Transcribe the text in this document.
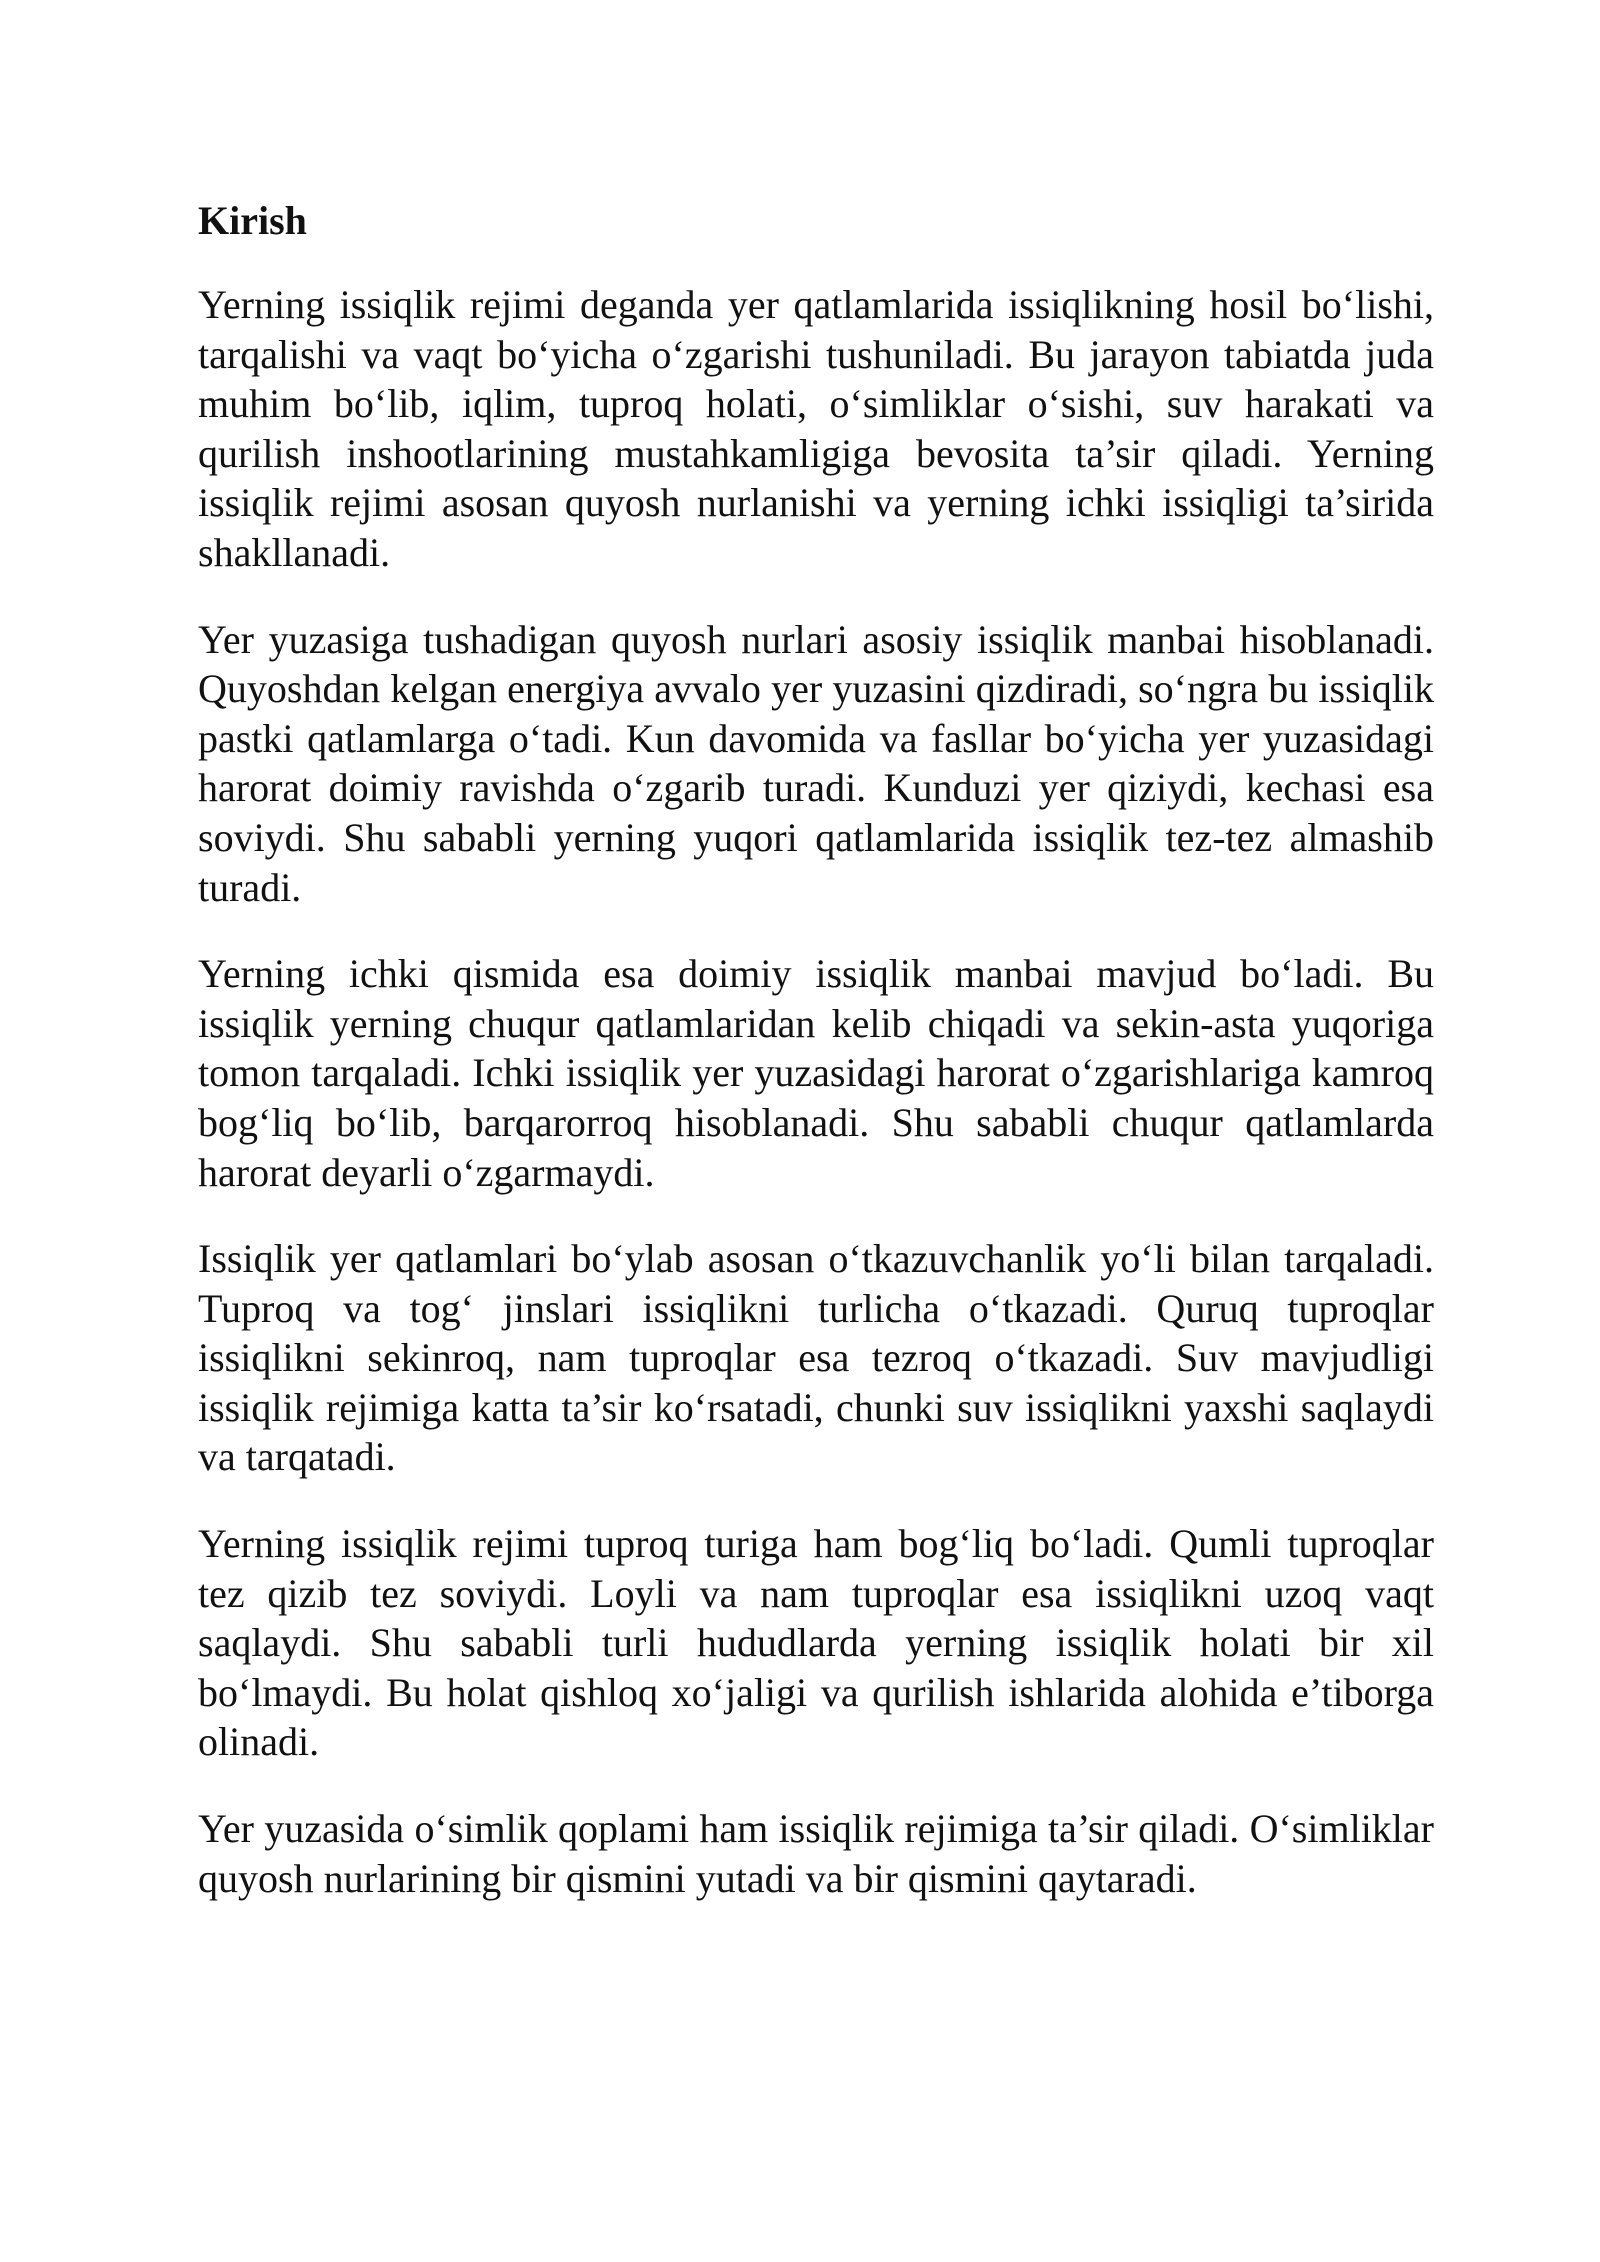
Kirish

Yerning issiqlik rejimi deganda yer qatlamlarida issiqlikning hosil bo‘lishi, tarqalishi va vaqt bo‘yicha o‘zgarishi tushuniladi. Bu jarayon tabiatda juda muhim bo‘lib, iqlim, tuproq holati, o‘simliklar o‘sishi, suv harakati va qurilish inshootlarining mustahkamligiga bevosita ta’sir qiladi. Yerning issiqlik rejimi asosan quyosh nurlanishi va yerning ichki issiqligi ta’sirida shakllanadi.

Yer yuzasiga tushadigan quyosh nurlari asosiy issiqlik manbai hisoblanadi. Quyoshdan kelgan energiya avvalo yer yuzasini qizdiradi, so‘ngra bu issiqlik pastki qatlamlarga o‘tadi. Kun davomida va fasllar bo‘yicha yer yuzasidagi harorat doimiy ravishda o‘zgarib turadi. Kunduzi yer qiziydi, kechasi esa soviydi. Shu sababli yerning yuqori qatlamlarida issiqlik tez-tez almashib turadi.

Yerning ichki qismida esa doimiy issiqlik manbai mavjud bo‘ladi. Bu issiqlik yerning chuqur qatlamlaridan kelib chiqadi va sekin-asta yuqoriga tomon tarqaladi. Ichki issiqlik yer yuzasidagi harorat o‘zgarishlariga kamroq bog‘liq bo‘lib, barqarorroq hisoblanadi. Shu sababli chuqur qatlamlarda harorat deyarli o‘zgarmaydi.

Issiqlik yer qatlamlari bo‘ylab asosan o‘tkazuvchanlik yo‘li bilan tarqaladi. Tuproq va tog‘ jinslari issiqlikni turlicha o‘tkazadi. Quruq tuproqlar issiqlikni sekinroq, nam tuproqlar esa tezroq o‘tkazadi. Suv mavjudligi issiqlik rejimiga katta ta’sir ko‘rsatadi, chunki suv issiqlikni yaxshi saqlaydi va tarqatadi.

Yerning issiqlik rejimi tuproq turiga ham bog‘liq bo‘ladi. Qumli tuproqlar tez qizib tez soviydi. Loyli va nam tuproqlar esa issiqlikni uzoq vaqt saqlaydi. Shu sababli turli hududlarda yerning issiqlik holati bir xil bo‘lmaydi. Bu holat qishloq xo‘jaligi va qurilish ishlarida alohida e’tiborga olinadi.

Yer yuzasida o‘simlik qoplami ham issiqlik rejimiga ta’sir qiladi. O‘simliklar quyosh nurlarining bir qismini yutadi va bir qismini qaytaradi.
